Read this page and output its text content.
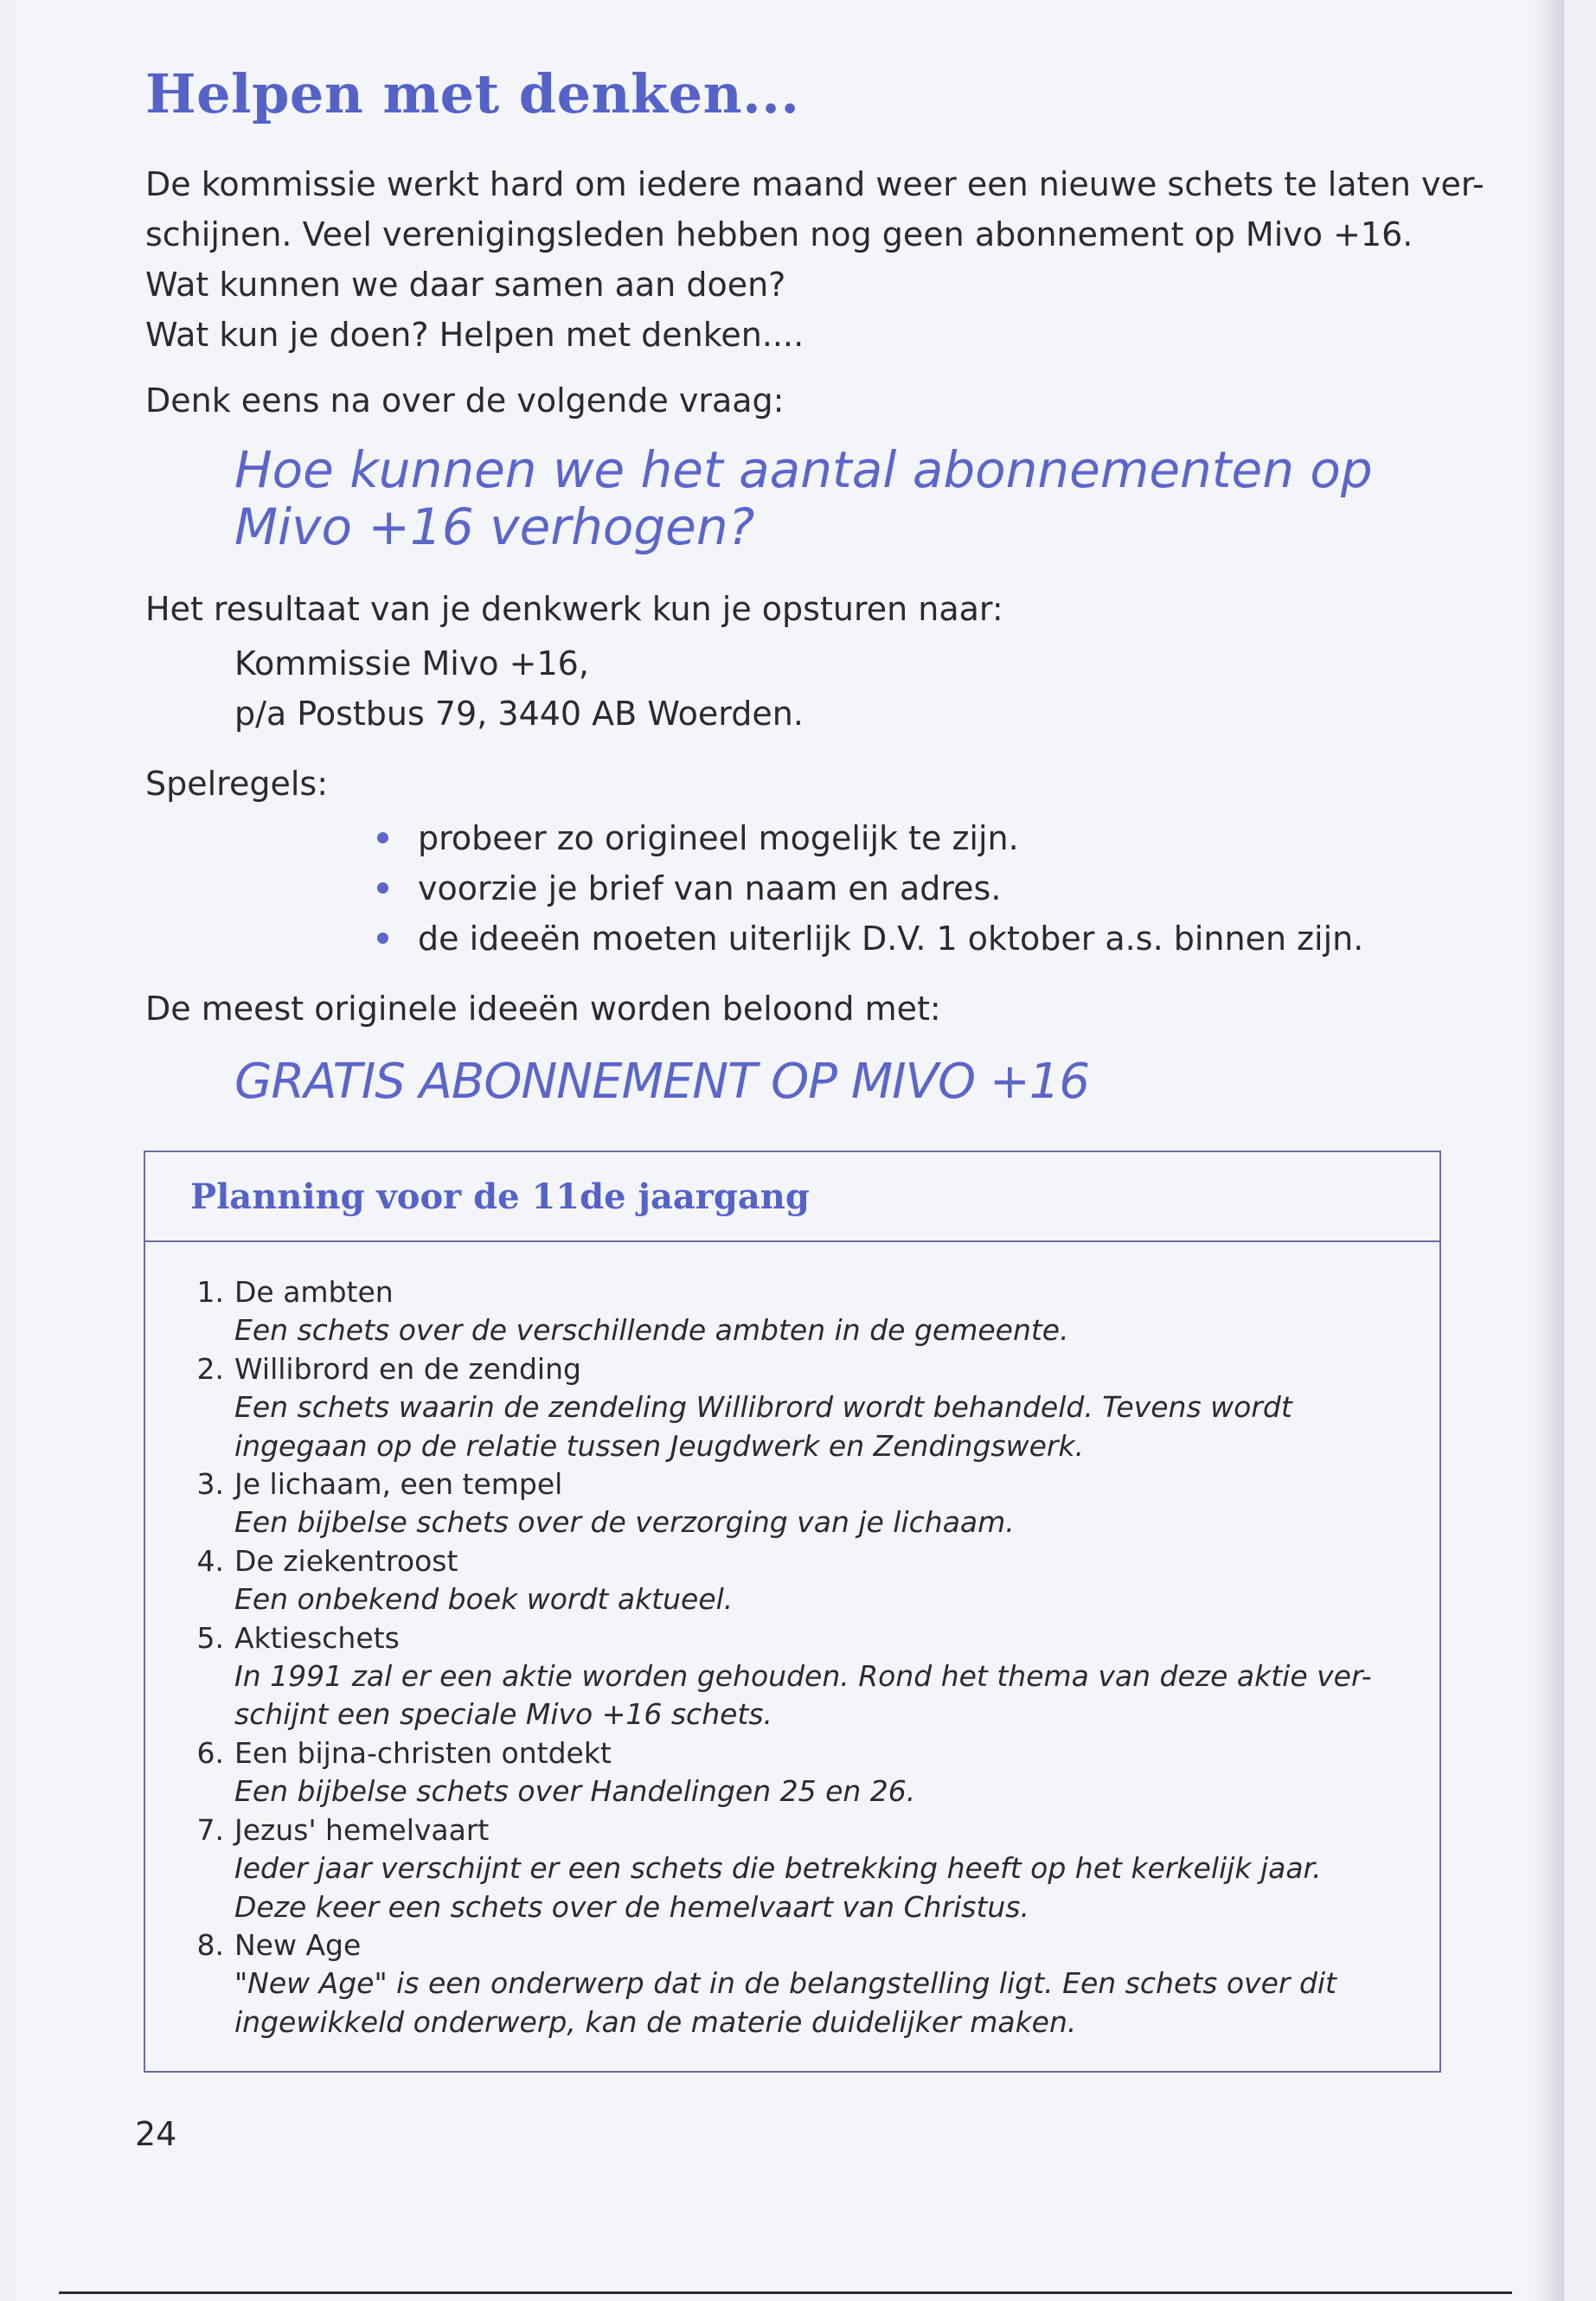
Helpen met denken...
De kommissie werkt hard om iedere maand weer een nieuwe schets te laten ver-
schijnen. Veel verenigingsleden hebben nog geen abonnement op Mivo +16.
Wat kunnen we daar samen aan doen?
Wat kun je doen? Helpen met denken....
Denk eens na over de volgende vraag:
Hoe kunnen we het aantal abonnementen op
Mivo +16 verhogen?
Het resultaat van je denkwerk kun je opsturen naar:
Kommissie Mivo +16,
p/a Postbus 79, 3440 AB Woerden.
Spelregels:
probeer zo origineel mogelijk te zijn.
voorzie je brief van naam en adres.
de ideeën moeten uiterlijk D.V. 1 oktober a.s. binnen zijn.
De meest originele ideeën worden beloond met:
GRATIS ABONNEMENT OP MIVO +16
Planning voor de 11de jaargang
1. De ambten
Een schets over de verschillende ambten in de gemeente.
2. Willibrord en de zending
Een schets waarin de zendeling Willibrord wordt behandeld. Tevens wordt
ingegaan op de relatie tussen Jeugdwerk en Zendingswerk.
3. Je lichaam, een tempel
Een bijbelse schets over de verzorging van je lichaam.
4. De ziekentroost
Een onbekend boek wordt aktueel.
5. Aktieschets
In 1991 zal er een aktie worden gehouden. Rond het thema van deze aktie ver-
schijnt een speciale Mivo +16 schets.
6. Een bijna-christen ontdekt
Een bijbelse schets over Handelingen 25 en 26.
7. Jezus' hemelvaart
Ieder jaar verschijnt er een schets die betrekking heeft op het kerkelijk jaar.
Deze keer een schets over de hemelvaart van Christus.
8. New Age
"New Age" is een onderwerp dat in de belangstelling ligt. Een schets over dit
ingewikkeld onderwerp, kan de materie duidelijker maken.
24
